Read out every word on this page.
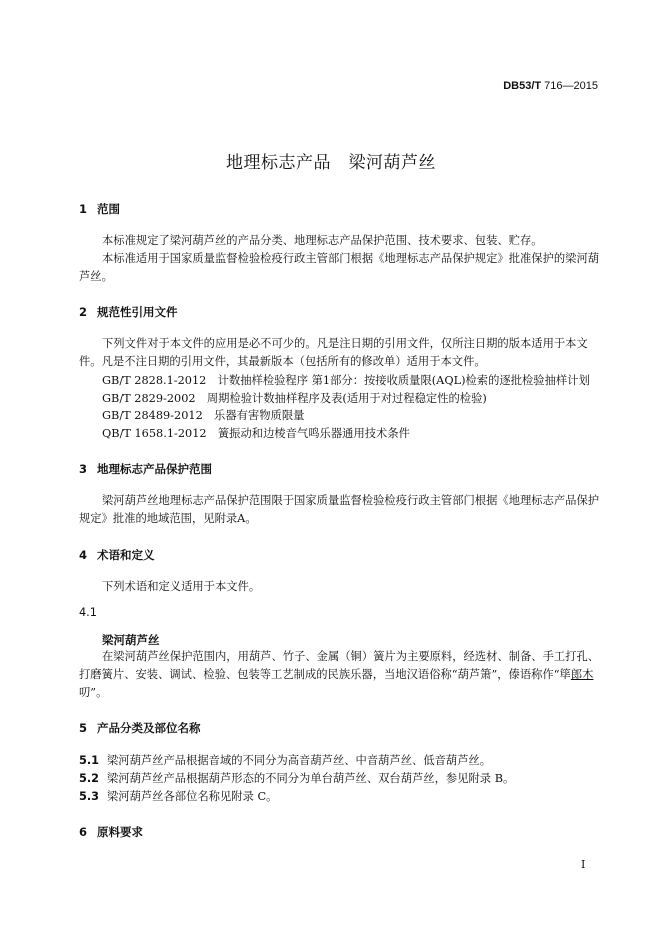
DB53/T 716—2015
地理标志产品　梁河葫芦丝
1 范围
本标准规定了梁河葫芦丝的产品分类、地理标志产品保护范围、技术要求、包装、贮存。
本标准适用于国家质量监督检验检疫行政主管部门根据《地理标志产品保护规定》批准保护的梁河葫芦丝。
2 规范性引用文件
下列文件对于本文件的应用是必不可少的。凡是注日期的引用文件，仅所注日期的版本适用于本文件。凡是不注日期的引用文件，其最新版本（包括所有的修改单）适用于本文件。
GB/T 2828.1-2012　计数抽样检验程序 第1部分：按接收质量限(AQL)检索的逐批检验抽样计划
GB/T 2829-2002　周期检验计数抽样程序及表(适用于对过程稳定性的检验)
GB/T 28489-2012　乐器有害物质限量
QB/T 1658.1-2012　簧振动和边棱音气鸣乐器通用技术条件
3 地理标志产品保护范围
梁河葫芦丝地理标志产品保护范围限于国家质量监督检验检疫行政主管部门根据《地理标志产品保护规定》批准的地域范围，见附录A。
4 术语和定义
下列术语和定义适用于本文件。
4.1
梁河葫芦丝
在梁河葫芦丝保护范围内，用葫芦、竹子、金属（铜）簧片为主要原料，经选材、制备、手工打孔、打磨簧片、安装、调试、检验、包装等工艺制成的民族乐器，当地汉语俗称“葫芦箫”，傣语称作“筚郎木叨”。
5 产品分类及部位名称
5.1 梁河葫芦丝产品根据音域的不同分为高音葫芦丝、中音葫芦丝、低音葫芦丝。
5.2 梁河葫芦丝产品根据葫芦形态的不同分为单台葫芦丝、双台葫芦丝，参见附录 B。
5.3 梁河葫芦丝各部位名称见附录 C。
6 原料要求
I
